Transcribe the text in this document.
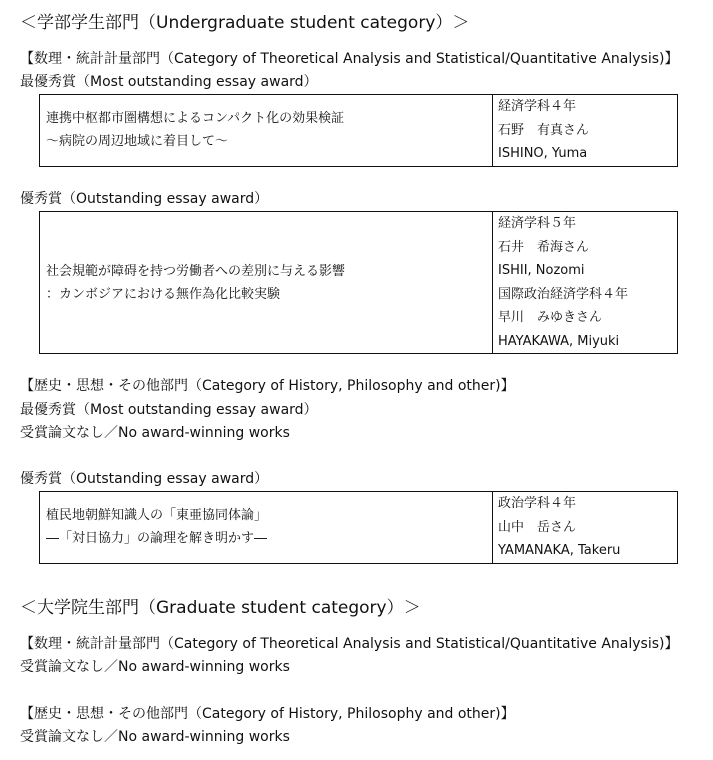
＜学部学生部門（Undergraduate student category）＞
【数理・統計計量部門（Category of Theoretical Analysis and Statistical/Quantitative Analysis)】
最優秀賞（Most outstanding essay award）
連携中枢都市圏構想によるコンパクト化の効果検証
～病院の周辺地域に着目して～

経済学科４年
石野　有真さん
ISHINO, Yuma
優秀賞（Outstanding essay award）
社会規範が障碍を持つ労働者への差別に与える影響
：カンボジアにおける無作為化比較実験

経済学科５年
石井　希海さん
ISHII, Nozomi
国際政治経済学科４年
早川　みゆきさん
HAYAKAWA, Miyuki
【歴史・思想・その他部門（Category of History, Philosophy and other)】
最優秀賞（Most outstanding essay award）
受賞論文なし／No award-winning works
優秀賞（Outstanding essay award）
植民地朝鮮知識人の「東亜協同体論」
―「対日協力」の論理を解き明かす―

政治学科４年
山中　岳さん
YAMANAKA, Takeru
＜大学院生部門（Graduate student category）＞
【数理・統計計量部門（Category of Theoretical Analysis and Statistical/Quantitative Analysis)】
受賞論文なし／No award-winning works
【歴史・思想・その他部門（Category of History, Philosophy and other)】
受賞論文なし／No award-winning works
